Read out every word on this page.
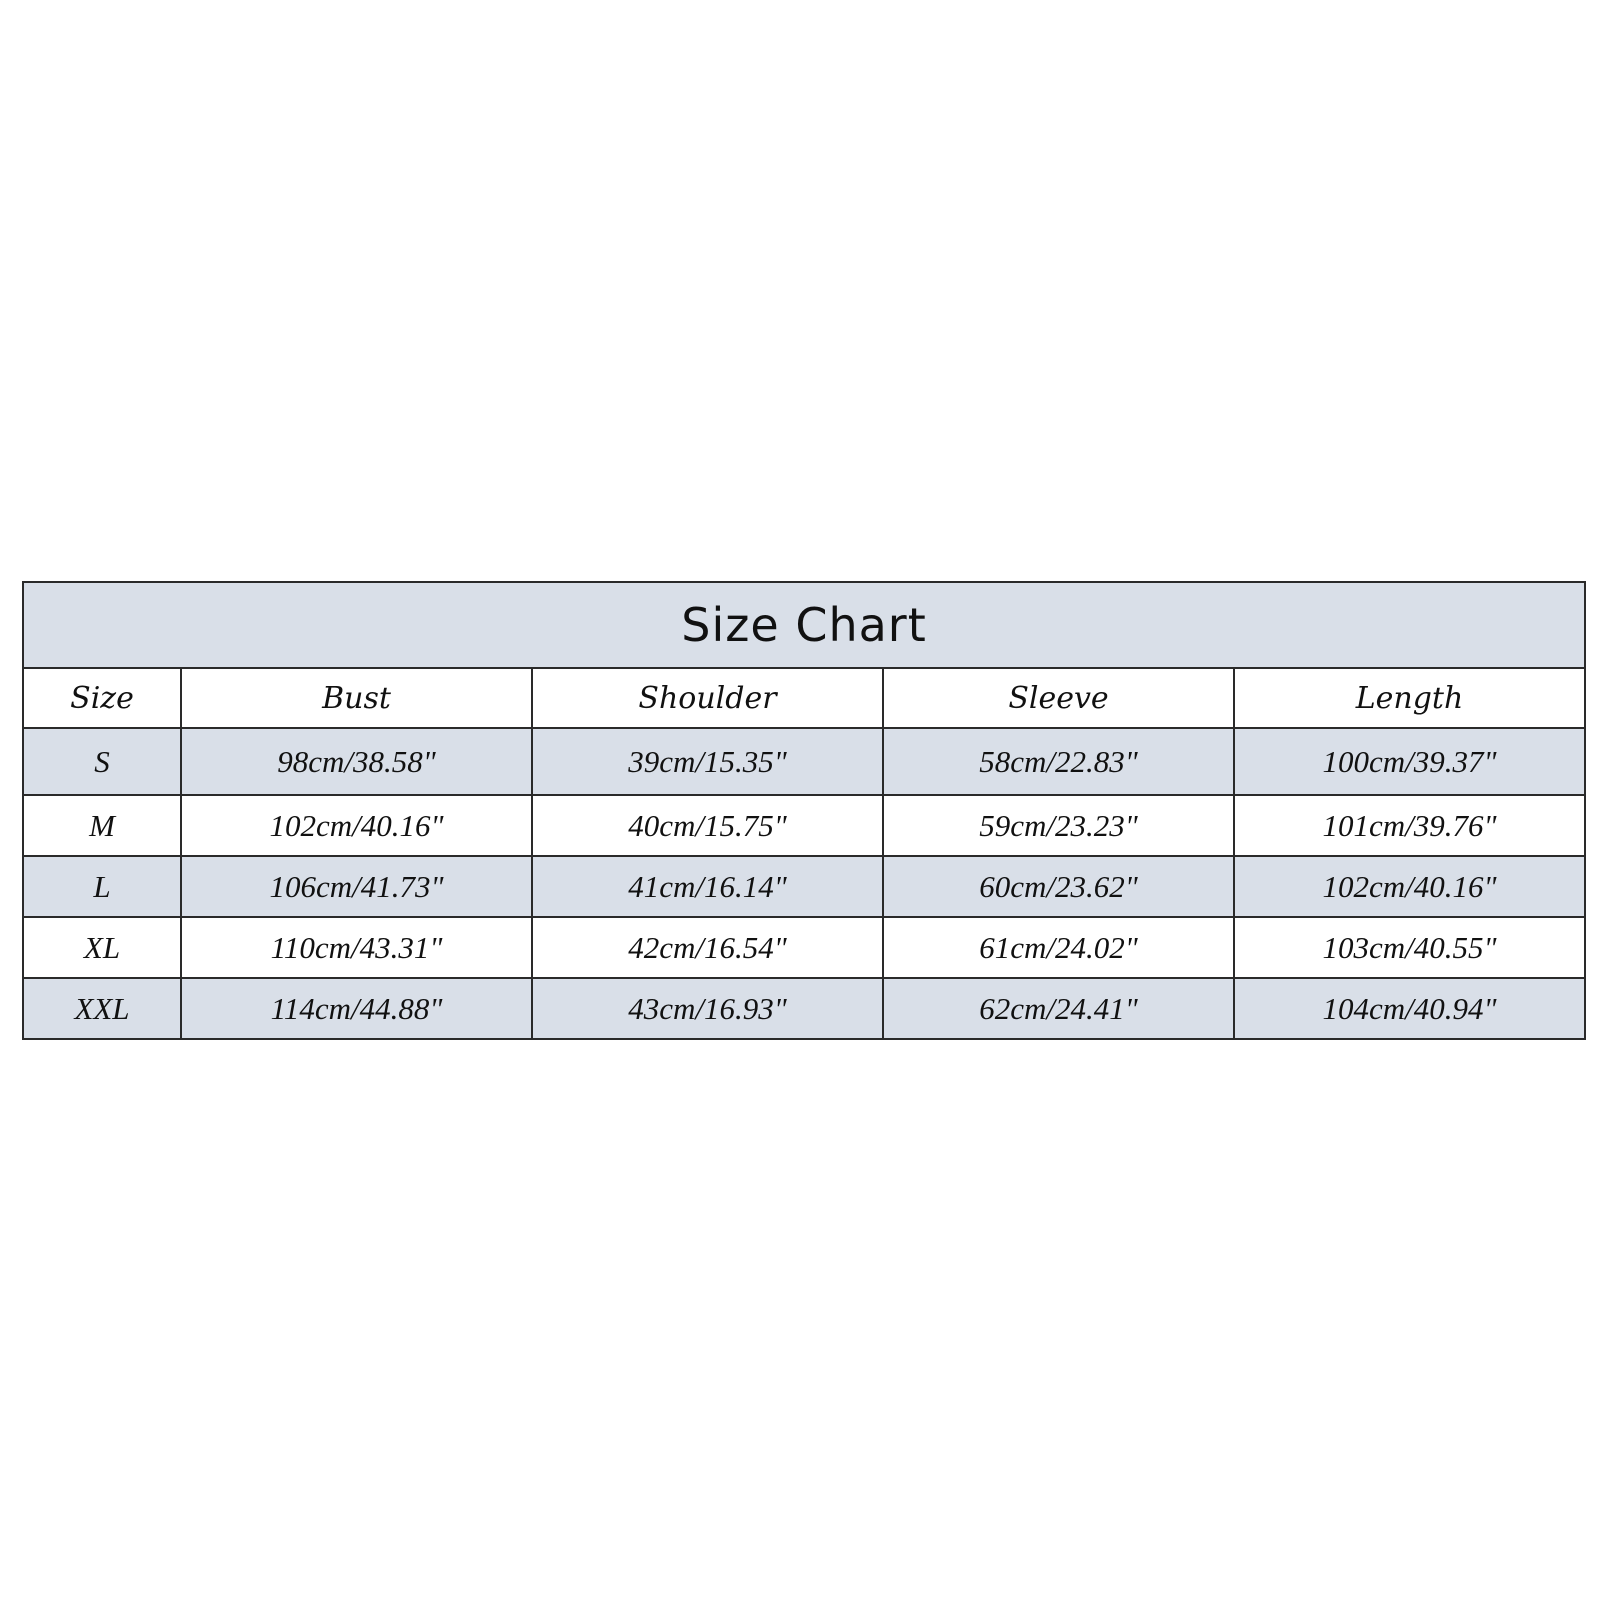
Size Chart				
Size	Bust	Shoulder	Sleeve	Length
S	98cm/38.58"	39cm/15.35"	58cm/22.83"	100cm/39.37"
M	102cm/40.16"	40cm/15.75"	59cm/23.23"	101cm/39.76"
L	106cm/41.73"	41cm/16.14"	60cm/23.62"	102cm/40.16"
XL	110cm/43.31"	42cm/16.54"	61cm/24.02"	103cm/40.55"
XXL	114cm/44.88"	43cm/16.93"	62cm/24.41"	104cm/40.94"
